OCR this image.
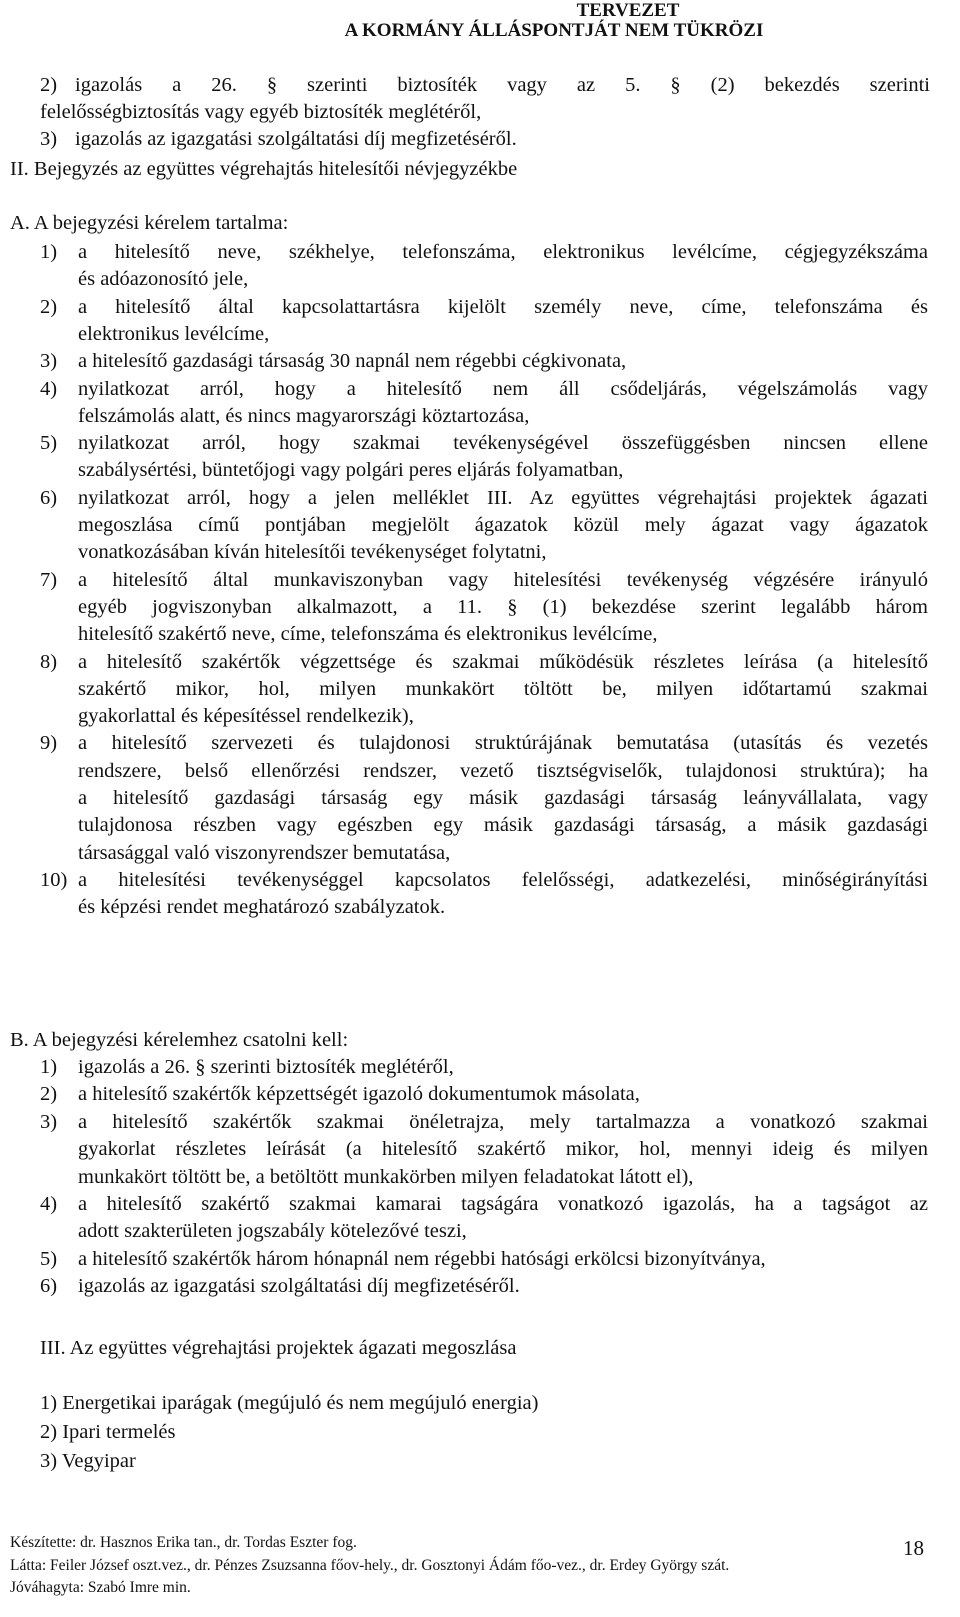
TERVEZET
A KORMÁNY ÁLLÁSPONTJÁT NEM TÜKRÖZI
2) igazolás a 26. § szerinti biztosíték vagy az 5. § (2) bekezdés szerinti
felelősségbiztosítás vagy egyéb biztosíték meglétéről,
3) igazolás az igazgatási szolgáltatási díj megfizetéséről.
II. Bejegyzés az együttes végrehajtás hitelesítői névjegyzékbe
A. A bejegyzési kérelem tartalma:
1) a hitelesítő neve, székhelye, telefonszáma, elektronikus levélcíme, cégjegyzékszáma
és adóazonosító jele,
2) a hitelesítő által kapcsolattartásra kijelölt személy neve, címe, telefonszáma és
elektronikus levélcíme,
3) a hitelesítő gazdasági társaság 30 napnál nem régebbi cégkivonata,
4) nyilatkozat arról, hogy a hitelesítő nem áll csődeljárás, végelszámolás vagy
felszámolás alatt, és nincs magyarországi köztartozása,
5) nyilatkozat arról, hogy szakmai tevékenységével összefüggésben nincsen ellene
szabálysértési, büntetőjogi vagy polgári peres eljárás folyamatban,
6) nyilatkozat arról, hogy a jelen melléklet III. Az együttes végrehajtási projektek ágazati
megoszlása című pontjában megjelölt ágazatok közül mely ágazat vagy ágazatok
vonatkozásában kíván hitelesítői tevékenységet folytatni,
7) a hitelesítő által munkaviszonyban vagy hitelesítési tevékenység végzésére irányuló
egyéb jogviszonyban alkalmazott, a 11. § (1) bekezdése szerint legalább három
hitelesítő szakértő neve, címe, telefonszáma és elektronikus levélcíme,
8) a hitelesítő szakértők végzettsége és szakmai működésük részletes leírása (a hitelesítő
szakértő mikor, hol, milyen munkakört töltött be, milyen időtartamú szakmai
gyakorlattal és képesítéssel rendelkezik),
9) a hitelesítő szervezeti és tulajdonosi struktúrájának bemutatása (utasítás és vezetés
rendszere, belső ellenőrzési rendszer, vezető tisztségviselők, tulajdonosi struktúra); ha
a hitelesítő gazdasági társaság egy másik gazdasági társaság leányvállalata, vagy
tulajdonosa részben vagy egészben egy másik gazdasági társaság, a másik gazdasági
társasággal való viszonyrendszer bemutatása,
10) a hitelesítési tevékenységgel kapcsolatos felelősségi, adatkezelési, minőségirányítási
és képzési rendet meghatározó szabályzatok.
B. A bejegyzési kérelemhez csatolni kell:
1) igazolás a 26. § szerinti biztosíték meglétéről,
2) a hitelesítő szakértők képzettségét igazoló dokumentumok másolata,
3) a hitelesítő szakértők szakmai önéletrajza, mely tartalmazza a vonatkozó szakmai
gyakorlat részletes leírását (a hitelesítő szakértő mikor, hol, mennyi ideig és milyen
munkakört töltött be, a betöltött munkakörben milyen feladatokat látott el),
4) a hitelesítő szakértő szakmai kamarai tagságára vonatkozó igazolás, ha a tagságot az
adott szakterületen jogszabály kötelezővé teszi,
5) a hitelesítő szakértők három hónapnál nem régebbi hatósági erkölcsi bizonyítványa,
6) igazolás az igazgatási szolgáltatási díj megfizetéséről.
III. Az együttes végrehajtási projektek ágazati megoszlása
1) Energetikai iparágak (megújuló és nem megújuló energia)
2) Ipari termelés
3) Vegyipar
Készítette: dr. Hasznos Erika tan., dr. Tordas Eszter fog.
Látta: Feiler József oszt.vez., dr. Pénzes Zsuzsanna főov-hely., dr. Gosztonyi Ádám főo-vez., dr. Erdey György szát.
Jóváhagyta: Szabó Imre min.
18
